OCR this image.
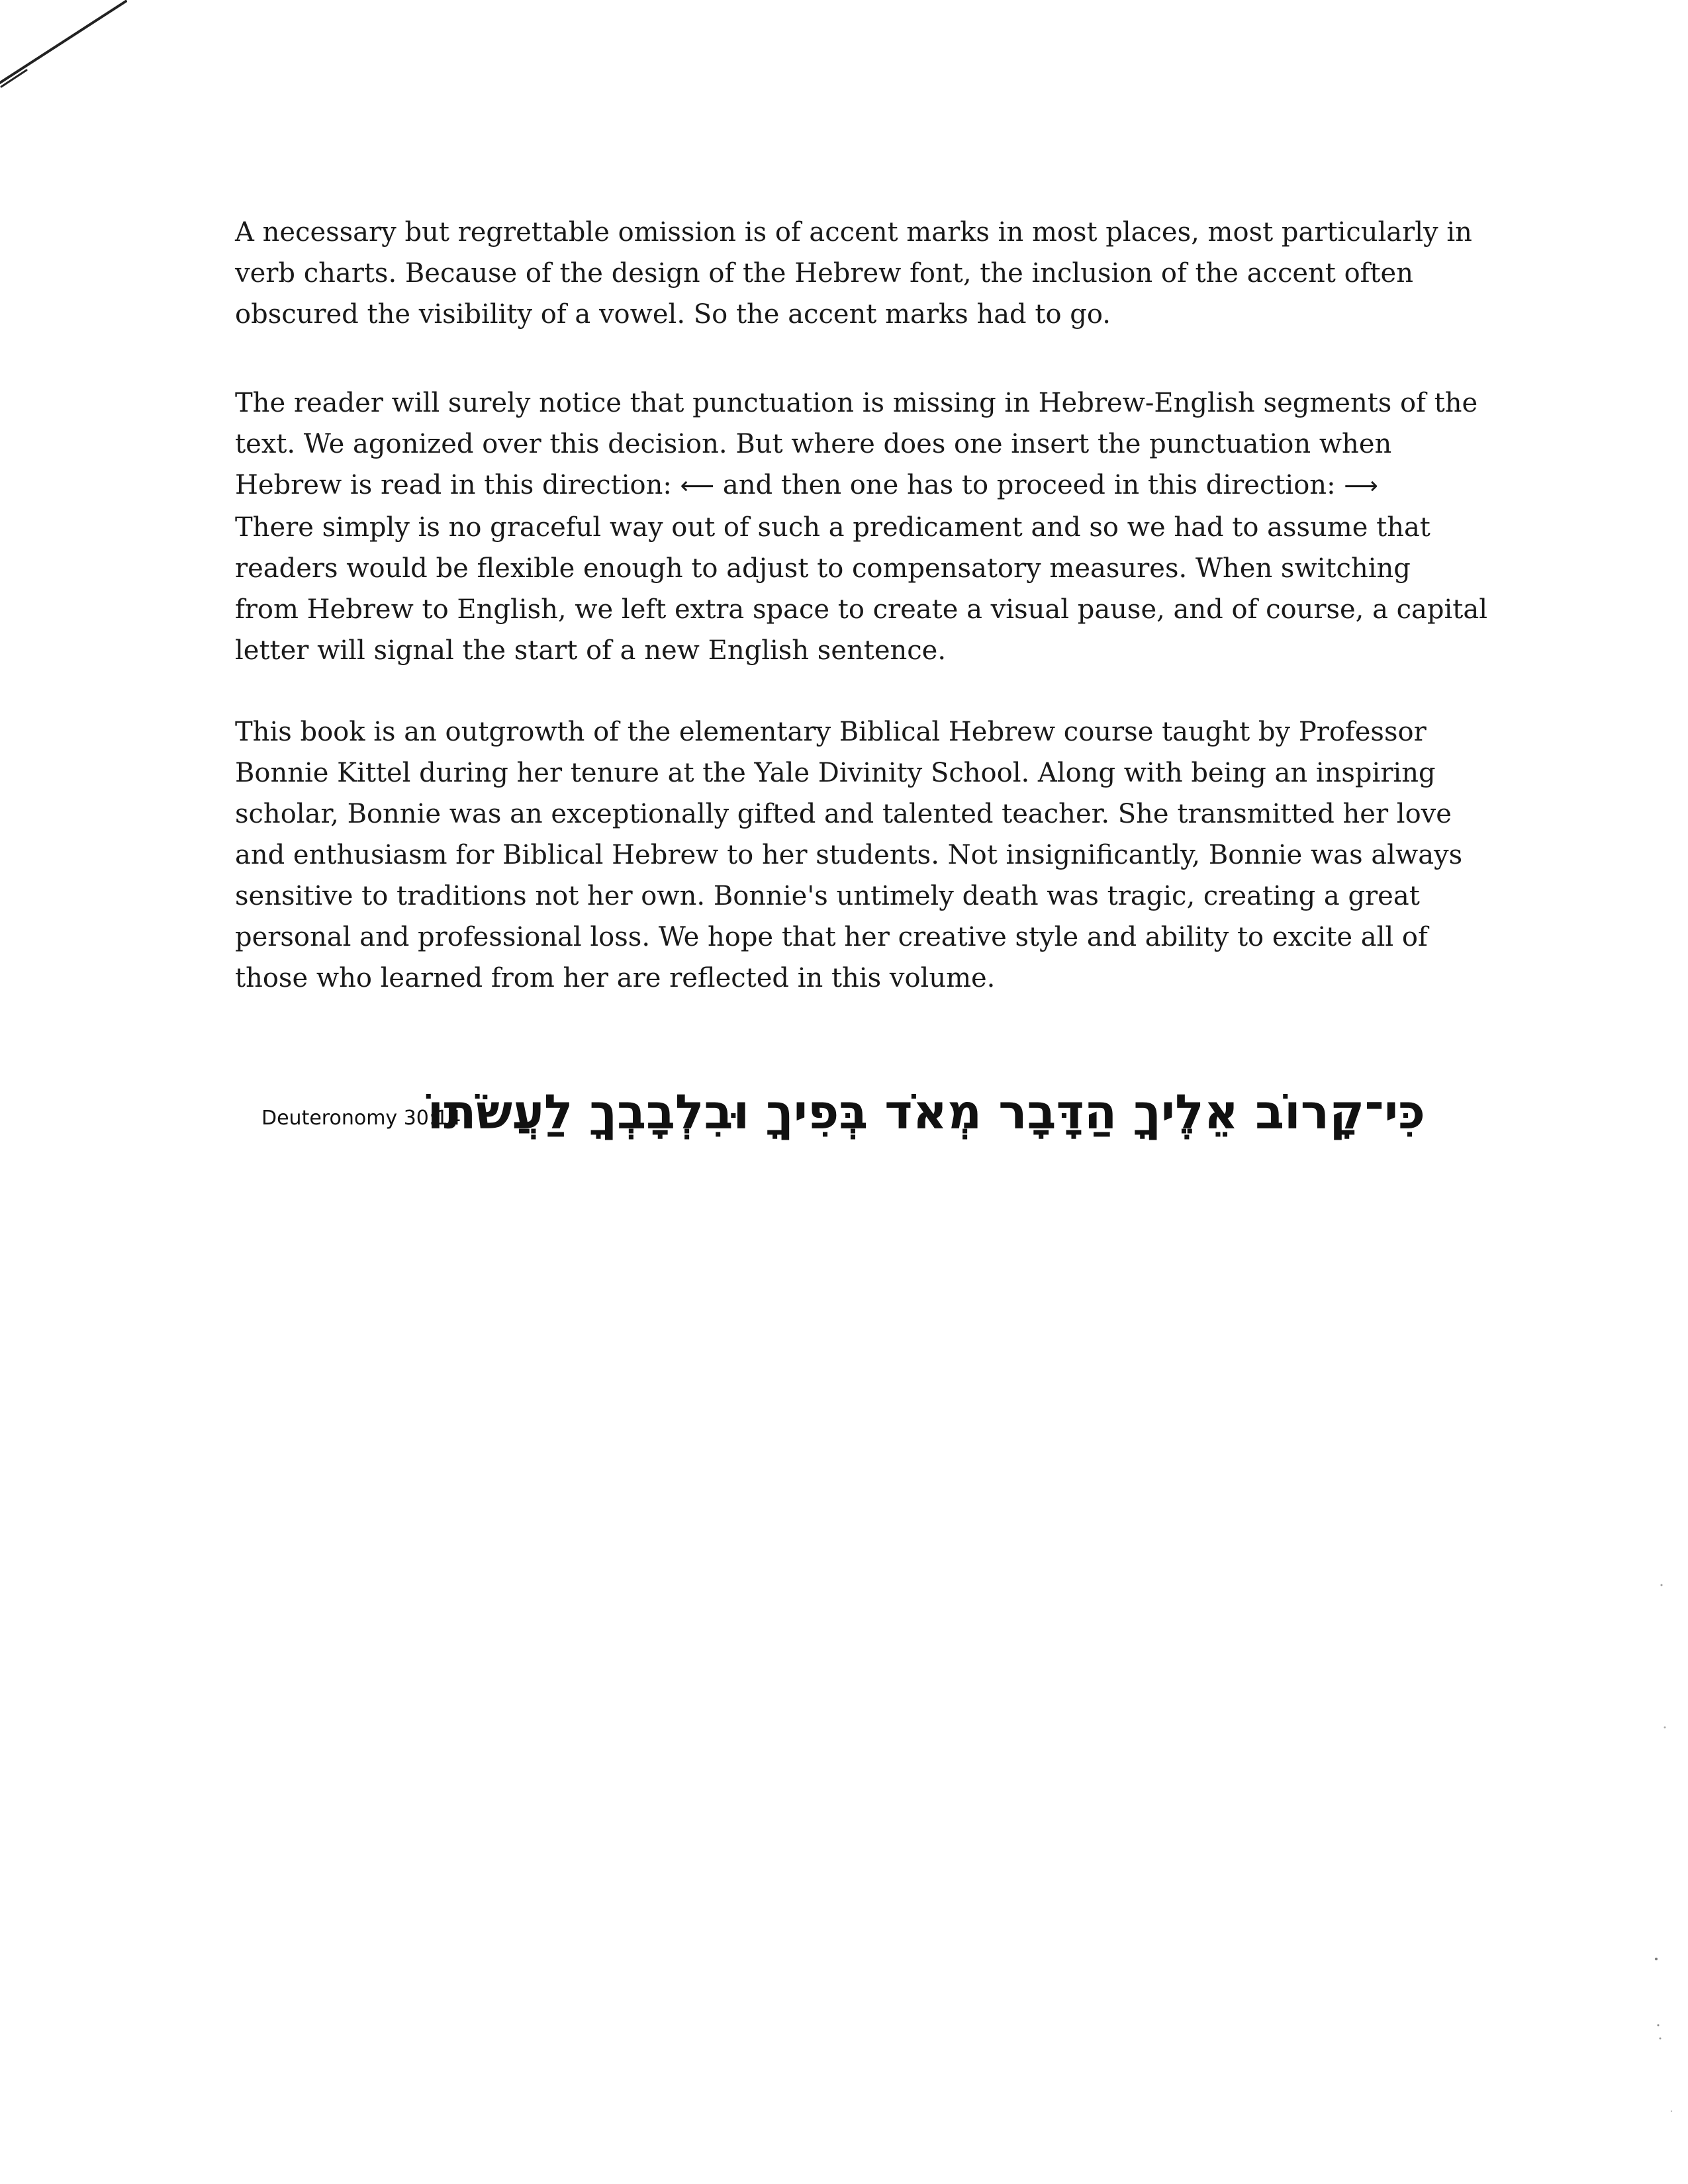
A necessary but regrettable omission is of accent marks in most places, most particularly in
verb charts. Because of the design of the Hebrew font, the inclusion of the accent often
obscured the visibility of a vowel. So the accent marks had to go.

The reader will surely notice that punctuation is missing in Hebrew-English segments of the
text. We agonized over this decision. But where does one insert the punctuation when
Hebrew is read in this direction: ⟵ and then one has to proceed in this direction: ⟶
There simply is no graceful way out of such a predicament and so we had to assume that
readers would be flexible enough to adjust to compensatory measures. When switching
from Hebrew to English, we left extra space to create a visual pause, and of course, a capital
letter will signal the start of a new English sentence.

This book is an outgrowth of the elementary Biblical Hebrew course taught by Professor
Bonnie Kittel during her tenure at the Yale Divinity School. Along with being an inspiring
scholar, Bonnie was an exceptionally gifted and talented teacher. She transmitted her love
and enthusiasm for Biblical Hebrew to her students. Not insignificantly, Bonnie was always
sensitive to traditions not her own. Bonnie's untimely death was tragic, creating a great
personal and professional loss. We hope that her creative style and ability to excite all of
those who learned from her are reflected in this volume.

Deuteronomy 30:14
כִּי־קָרוֹב אֵלֶיךָ הַדָּבָר מְאֹד בְּפִיךָ וּבִלְבָבְךָ לַעֲשֹׂתוֹ
